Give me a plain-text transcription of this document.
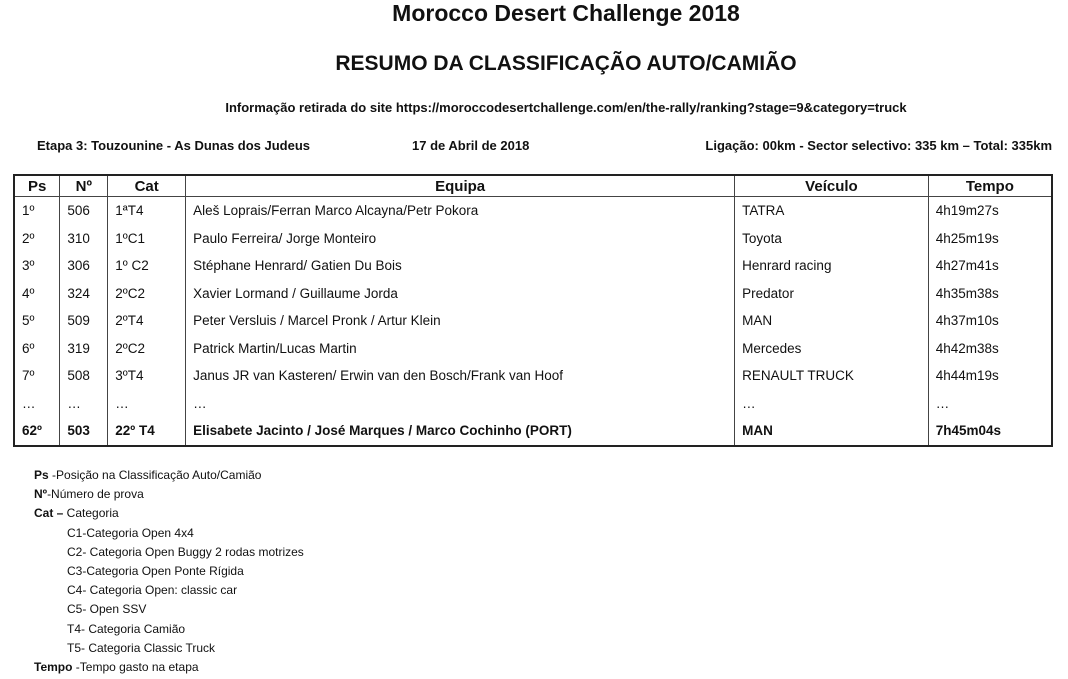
Morocco Desert Challenge 2018
RESUMO DA CLASSIFICAÇÃO AUTO/CAMIÃO
Informação retirada do site https://moroccodesertchallenge.com/en/the-rally/ranking?stage=9&category=truck
Etapa 3: Touzounine - As Dunas dos Judeus	17 de Abril de 2018	Ligação: 00km - Sector selectivo: 335 km – Total: 335km
Ps	Nº	Cat	Equipa	Veículo	Tempo
1º	506	1ªT4	Aleš Loprais/Ferran Marco Alcayna/Petr Pokora	TATRA	4h19m27s
2º	310	1ºC1	Paulo Ferreira/ Jorge Monteiro	Toyota	4h25m19s
3º	306	1º C2	Stéphane Henrard/ Gatien Du Bois	Henrard racing	4h27m41s
4º	324	2ºC2	Xavier Lormand / Guillaume Jorda	Predator	4h35m38s
5º	509	2ºT4	Peter Versluis / Marcel Pronk / Artur Klein	MAN	4h37m10s
6º	319	2ºC2	Patrick Martin/Lucas Martin	Mercedes	4h42m38s
7º	508	3ºT4	Janus JR van Kasteren/ Erwin van den Bosch/Frank van Hoof	RENAULT TRUCK	4h44m19s
…	…	…	…	…	…
62º	503	22º T4	Elisabete Jacinto / José Marques / Marco Cochinho (PORT)	MAN	7h45m04s
Ps -Posição na Classificação Auto/Camião
Nº-Número de prova
Cat – Categoria
C1-Categoria Open 4x4
C2- Categoria Open Buggy 2 rodas motrizes
C3-Categoria Open Ponte Rígida
C4- Categoria Open: classic car
C5- Open SSV
T4- Categoria Camião
T5- Categoria Classic Truck
Tempo -Tempo gasto na etapa
